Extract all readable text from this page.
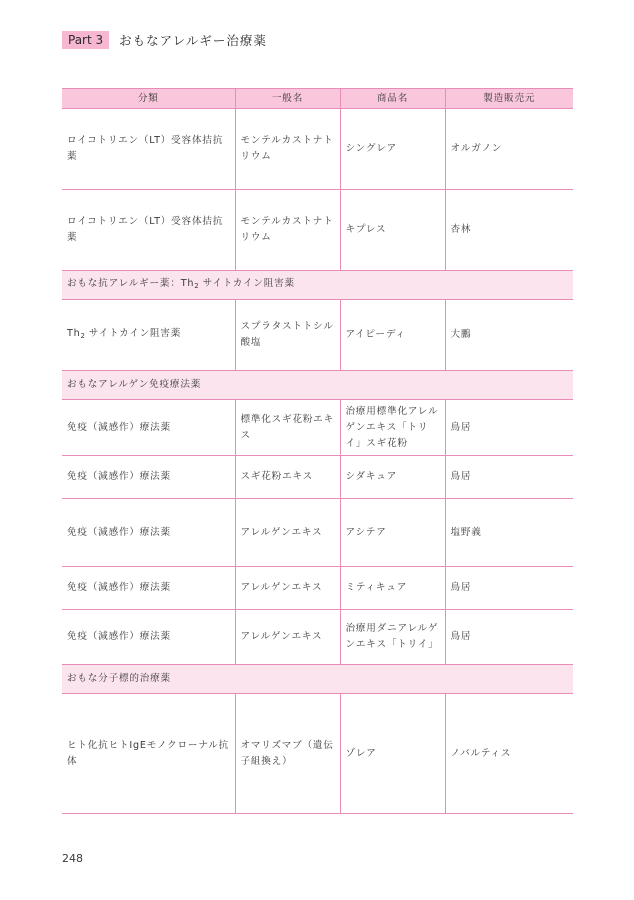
Part 3	おもなアレルギー治療薬
分類	一般名	商品名	製造販売元
ロイコトリエン（LT）受容体拮抗薬	モンテルカストナトリウム	シングレア	オルガノン
ロイコトリエン（LT）受容体拮抗薬	モンテルカストナトリウム	キプレス	杏林
おもな抗アレルギー薬：$Th_2$ サイトカイン阻害薬			
$Th_2$ サイトカイン阻害薬	スプラタストトシル酸塩	アイピーディ	大鵬
おもなアレルゲン免疫療法薬			
免疫（減感作）療法薬	標準化スギ花粉エキス	治療用標準化アレルゲンエキス「トリイ」スギ花粉	鳥居
免疫（減感作）療法薬	スギ花粉エキス	シダキュア	鳥居
免疫（減感作）療法薬	アレルゲンエキス	アシテア	塩野義
免疫（減感作）療法薬	アレルゲンエキス	ミティキュア	鳥居
免疫（減感作）療法薬	アレルゲンエキス	治療用ダニアレルゲンエキス「トリイ」	鳥居
おもな分子標的治療薬			
ヒト化抗ヒトIgEモノクローナル抗体	オマリズマブ（遺伝子組換え）	ゾレア	ノバルティス
248
